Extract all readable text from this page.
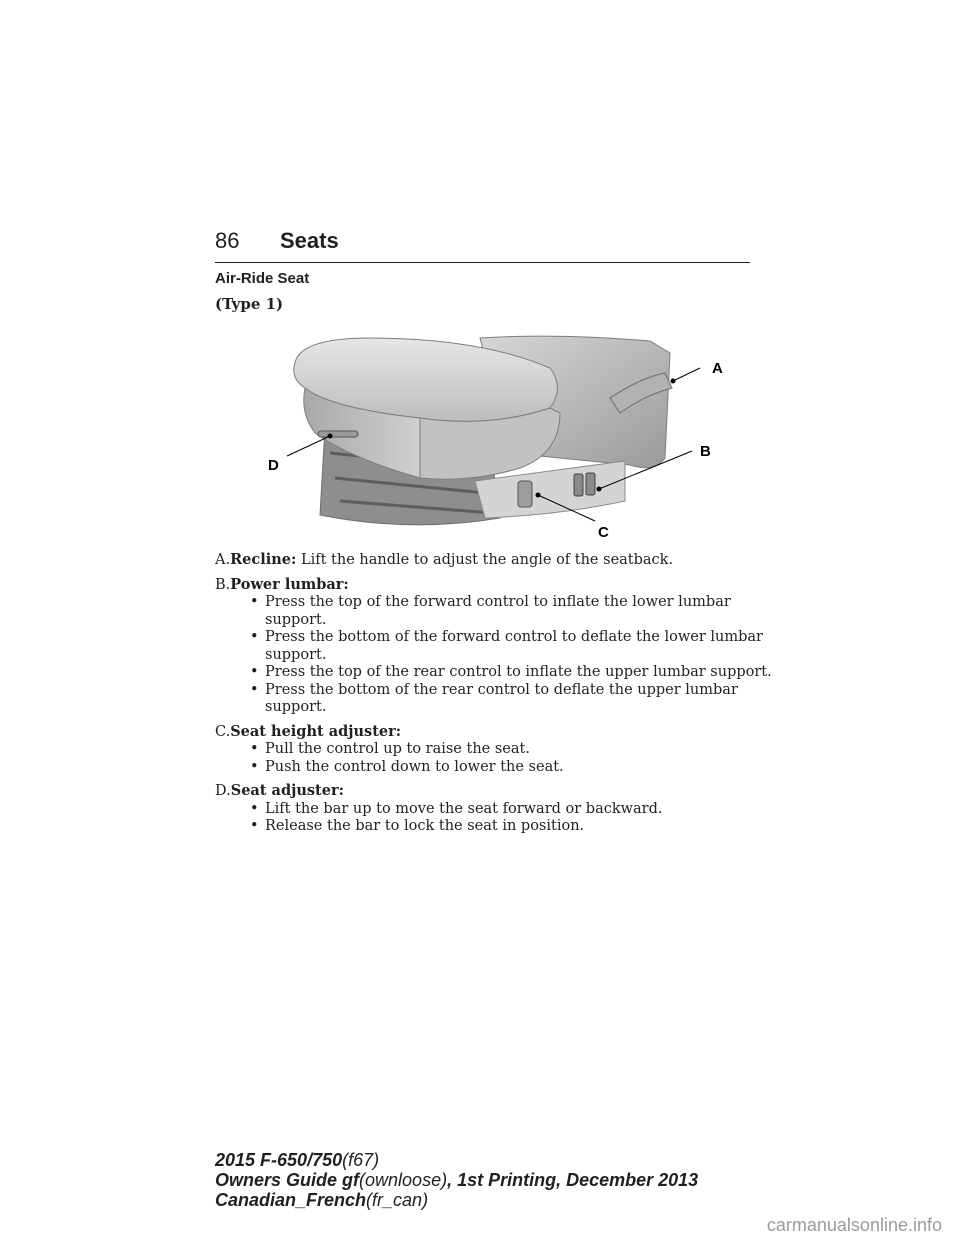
86 Seats
Air-Ride Seat
(Type 1)
A
B
C
D

A.Recline: Lift the handle to adjust the angle of the seatback.

B.Power lumbar:

• Press the top of the forward control to inflate the lower lumbar support.

• Press the bottom of the forward control to deflate the lower lumbar support.

• Press the top of the rear control to inflate the upper lumbar support.

• Press the bottom of the rear control to deflate the upper lumbar support.

C.Seat height adjuster:

• Pull the control up to raise the seat.

• Push the control down to lower the seat.

D.Seat adjuster:

• Lift the bar up to move the seat forward or backward.

• Release the bar to lock the seat in position.

2015 F-650/750(f67)
Owners Guide gf(ownloose), 1st Printing, December 2013
Canadian_French(fr_can)
carmanualsonline.info
